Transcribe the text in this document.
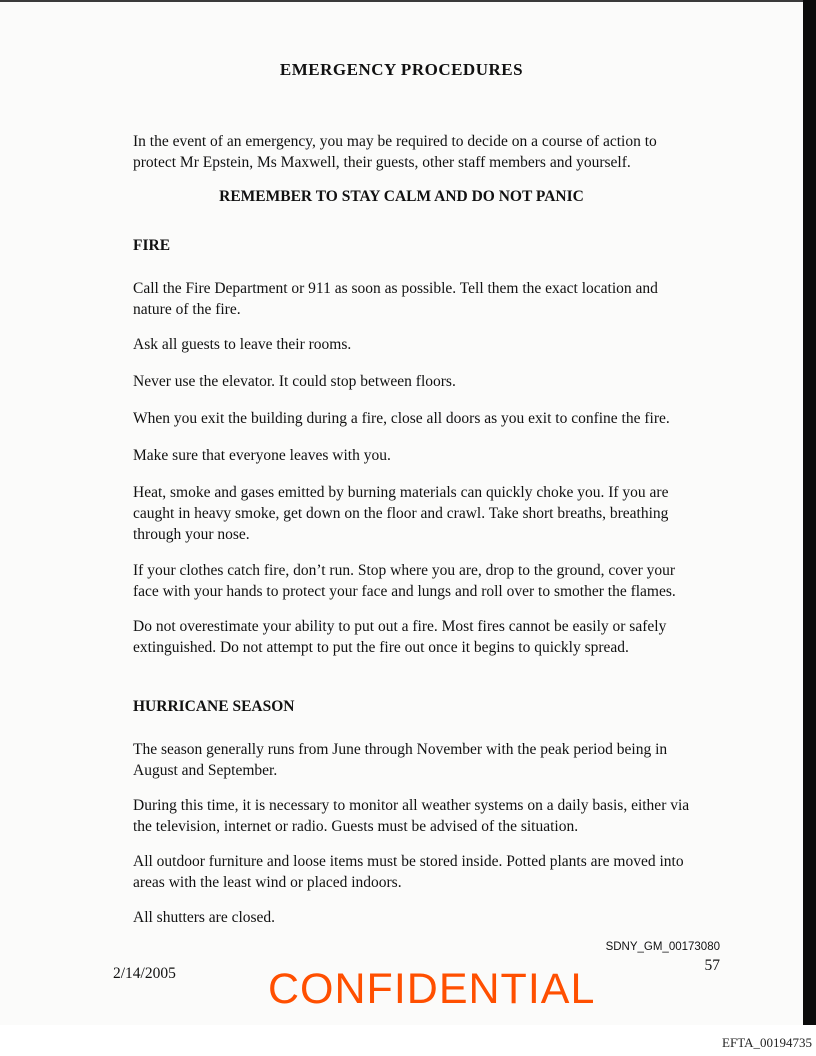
EMERGENCY PROCEDURES

In the event of an emergency, you may be required to decide on a course of action to protect Mr Epstein, Ms Maxwell, their guests, other staff members and yourself.

REMEMBER TO STAY CALM AND DO NOT PANIC

FIRE

Call the Fire Department or 911 as soon as possible. Tell them the exact location and nature of the fire.

Ask all guests to leave their rooms.

Never use the elevator. It could stop between floors.

When you exit the building during a fire, close all doors as you exit to confine the fire.

Make sure that everyone leaves with you.

Heat, smoke and gases emitted by burning materials can quickly choke you. If you are caught in heavy smoke, get down on the floor and crawl. Take short breaths, breathing through your nose.

If your clothes catch fire, don’t run. Stop where you are, drop to the ground, cover your face with your hands to protect your face and lungs and roll over to smother the flames.

Do not overestimate your ability to put out a fire. Most fires cannot be easily or safely extinguished. Do not attempt to put the fire out once it begins to quickly spread.

HURRICANE SEASON

The season generally runs from June through November with the peak period being in August and September.

During this time, it is necessary to monitor all weather systems on a daily basis, either via the television, internet or radio. Guests must be advised of the situation.

All outdoor furniture and loose items must be stored inside. Potted plants are moved into areas with the least wind or placed indoors.

All shutters are closed.

2/14/2005
SDNY_GM_00173080
57
CONFIDENTIAL
EFTA_00194735
